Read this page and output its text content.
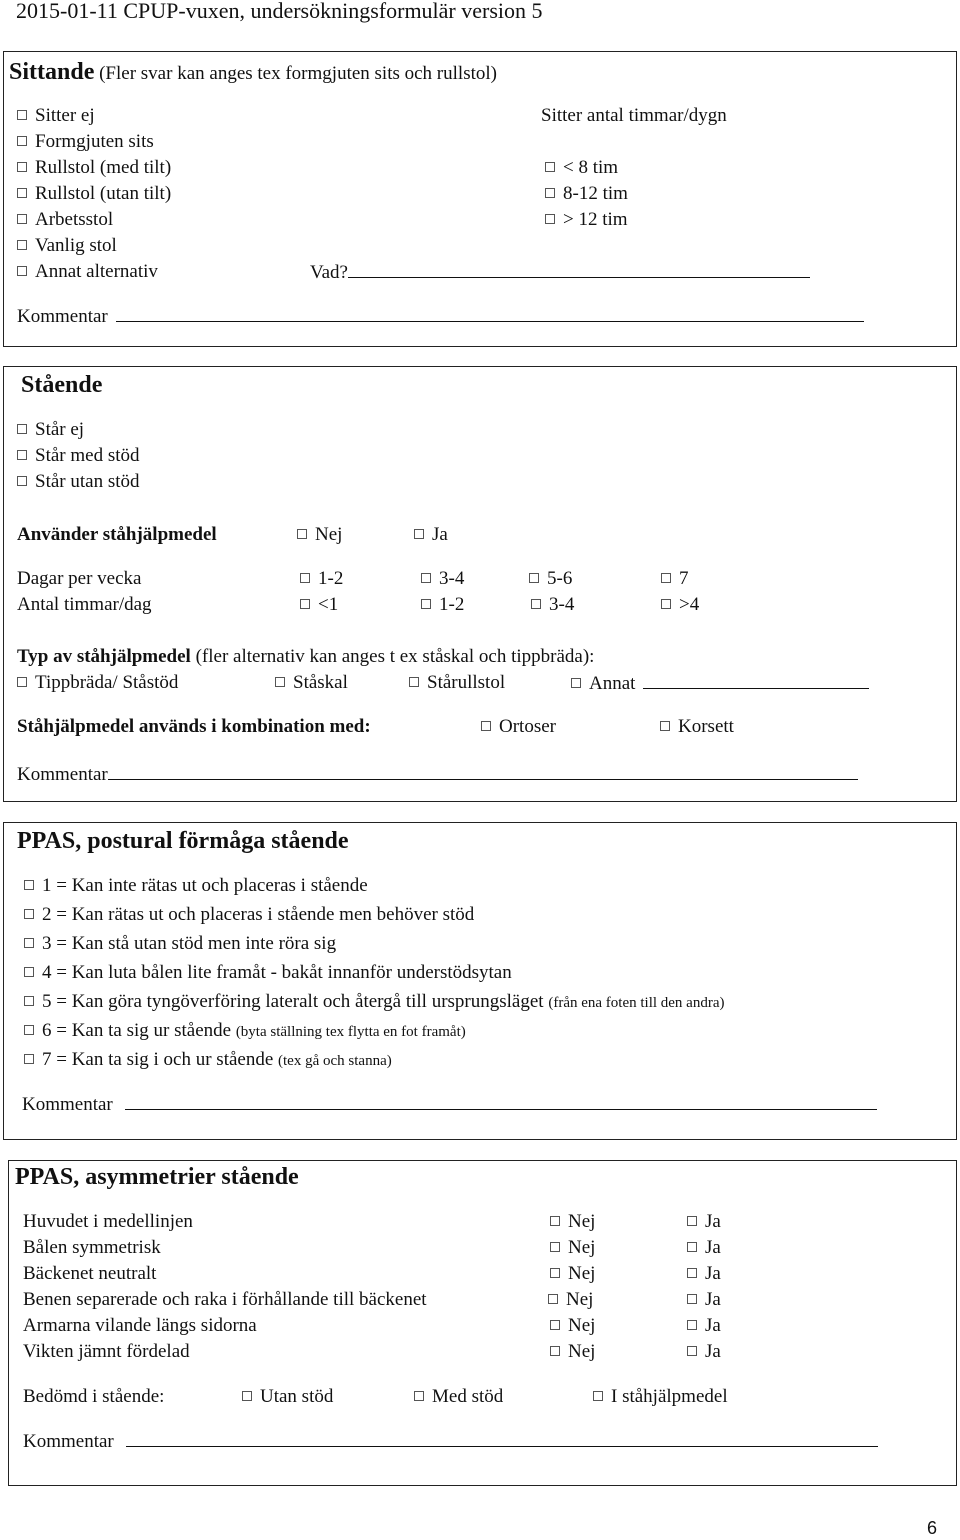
2015-01-11 CPUP-vuxen, undersökningsformulär version 5
Sittande (Fler svar kan anges tex formgjuten sits och rullstol)
Sitter ej
Formgjuten sits
Rullstol (med tilt)
Rullstol (utan tilt)
Arbetsstol
Vanlig stol
Annat alternativ	Vad?
Sitter antal timmar/dygn
< 8 tim
8-12 tim
> 12 tim
Kommentar
Stående
Står ej
Står med stöd
Står utan stöd
Använder ståhjälpmedel	Nej	Ja
Dagar per vecka	1-2	3-4	5-6	7
Antal timmar/dag	<1	1-2	3-4	>4
Typ av ståhjälpmedel (fler alternativ kan anges t ex ståskal och tippbräda):
Tippbräda/ Ståstöd	Ståskal	Stårullstol	Annat
Ståhjälpmedel används i kombination med:	Ortoser	Korsett
Kommentar
PPAS, postural förmåga stående
1 = Kan inte rätas ut och placeras i stående
2 = Kan rätas ut och placeras i stående men behöver stöd
3 = Kan stå utan stöd men inte röra sig
4 = Kan luta bålen lite framåt - bakåt innanför understödsytan
5 = Kan göra tyngöverföring lateralt och återgå till ursprungsläget (från ena foten till den andra)
6 = Kan ta sig ur stående (byta ställning tex flytta en fot framåt)
7 = Kan ta sig i och ur stående (tex gå och stanna)
Kommentar
PPAS, asymmetrier stående
Huvudet i medellinjen	Nej	Ja
Bålen symmetrisk	Nej	Ja
Bäckenet neutralt	Nej	Ja
Benen separerade och raka i förhållande till bäckenet	Nej	Ja
Armarna vilande längs sidorna	Nej	Ja
Vikten jämnt fördelad	Nej	Ja
Bedömd i stående:	Utan stöd	Med stöd	I ståhjälpmedel
Kommentar
6
